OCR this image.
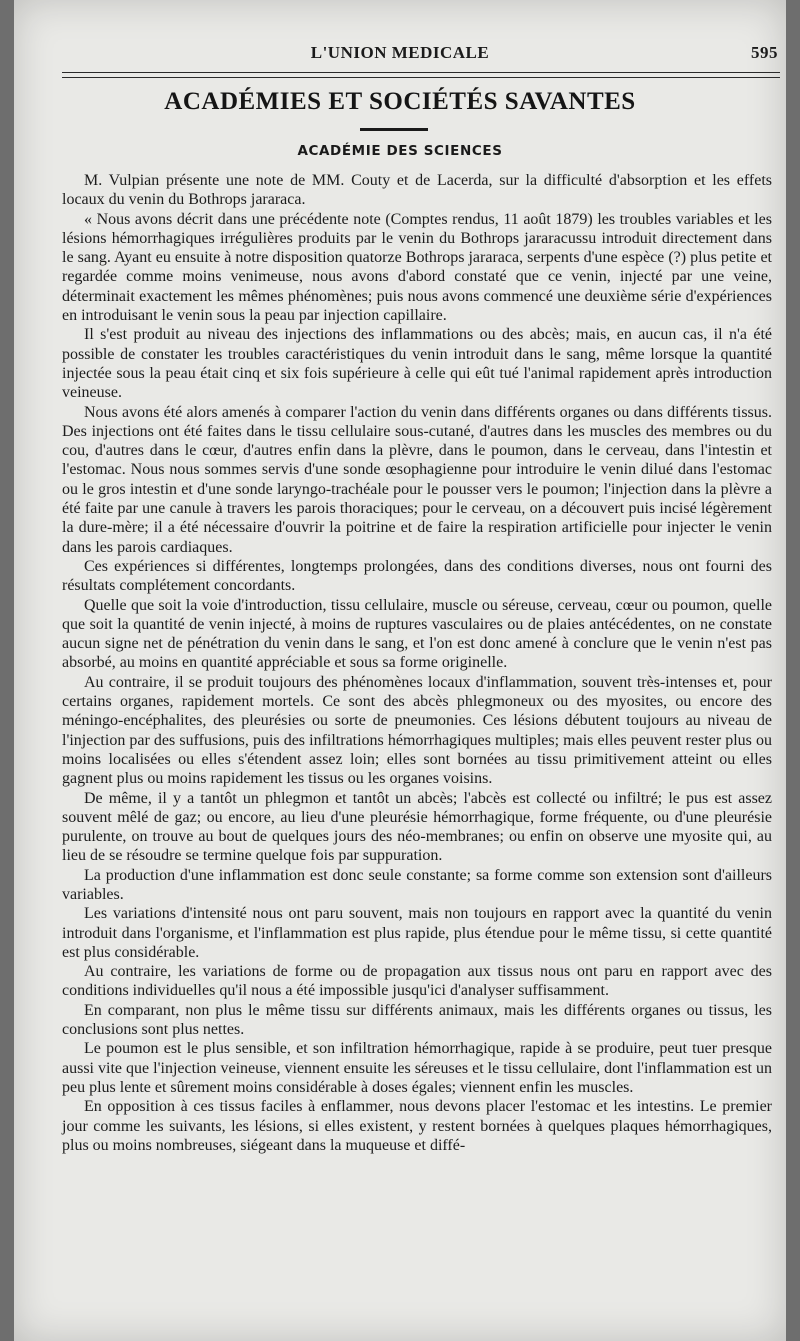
L'UNION MEDICALE	595
ACADÉMIES ET SOCIÉTÉS SAVANTES
ACADÉMIE DES SCIENCES

M. Vulpian présente une note de MM. Couty et de Lacerda, sur la difficulté d'absorption et les effets locaux du venin du Bothrops jararaca.

« Nous avons décrit dans une précédente note (Comptes rendus, 11 août 1879) les troubles variables et les lésions hémorrhagiques irrégulières produits par le venin du Bothrops jararacussu introduit directement dans le sang. Ayant eu ensuite à notre disposition quatorze Bothrops jararaca, serpents d'une espèce (?) plus petite et regardée comme moins venimeuse, nous avons d'abord constaté que ce venin, injecté par une veine, déterminait exactement les mêmes phénomènes; puis nous avons commencé une deuxième série d'expériences en introduisant le venin sous la peau par injection capillaire.

Il s'est produit au niveau des injections des inflammations ou des abcès; mais, en aucun cas, il n'a été possible de constater les troubles caractéristiques du venin introduit dans le sang, même lorsque la quantité injectée sous la peau était cinq et six fois supérieure à celle qui eût tué l'animal rapidement après introduction veineuse.

Nous avons été alors amenés à comparer l'action du venin dans différents organes ou dans différents tissus. Des injections ont été faites dans le tissu cellulaire sous-cutané, d'autres dans les muscles des membres ou du cou, d'autres dans le cœur, d'autres enfin dans la plèvre, dans le poumon, dans le cerveau, dans l'intestin et l'estomac. Nous nous sommes servis d'une sonde œsophagienne pour introduire le venin dilué dans l'estomac ou le gros intestin et d'une sonde laryngo-trachéale pour le pousser vers le poumon; l'injection dans la plèvre a été faite par une canule à travers les parois thoraciques; pour le cerveau, on a découvert puis incisé légèrement la dure-mère; il a été nécessaire d'ouvrir la poitrine et de faire la respiration artificielle pour injecter le venin dans les parois cardiaques.

Ces expériences si différentes, longtemps prolongées, dans des conditions diverses, nous ont fourni des résultats complétement concordants.

Quelle que soit la voie d'introduction, tissu cellulaire, muscle ou séreuse, cerveau, cœur ou poumon, quelle que soit la quantité de venin injecté, à moins de ruptures vasculaires ou de plaies antécédentes, on ne constate aucun signe net de pénétration du venin dans le sang, et l'on est donc amené à conclure que le venin n'est pas absorbé, au moins en quantité appréciable et sous sa forme originelle.

Au contraire, il se produit toujours des phénomènes locaux d'inflammation, souvent très-intenses et, pour certains organes, rapidement mortels. Ce sont des abcès phlegmoneux ou des myosites, ou encore des méningo-encéphalites, des pleurésies ou sorte de pneumonies. Ces lésions débutent toujours au niveau de l'injection par des suffusions, puis des infiltrations hémorrhagiques multiples; mais elles peuvent rester plus ou moins localisées ou elles s'étendent assez loin; elles sont bornées au tissu primitivement atteint ou elles gagnent plus ou moins rapidement les tissus ou les organes voisins.

De même, il y a tantôt un phlegmon et tantôt un abcès; l'abcès est collecté ou infiltré; le pus est assez souvent mêlé de gaz; ou encore, au lieu d'une pleurésie hémorrhagique, forme fréquente, ou d'une pleurésie purulente, on trouve au bout de quelques jours des néo-membranes; ou enfin on observe une myosite qui, au lieu de se résoudre se termine quelque fois par suppuration.

La production d'une inflammation est donc seule constante; sa forme comme son extension sont d'ailleurs variables.

Les variations d'intensité nous ont paru souvent, mais non toujours en rapport avec la quantité du venin introduit dans l'organisme, et l'inflammation est plus rapide, plus étendue pour le même tissu, si cette quantité est plus considérable.

Au contraire, les variations de forme ou de propagation aux tissus nous ont paru en rapport avec des conditions individuelles qu'il nous a été impossible jusqu'ici d'analyser suffisamment.

En comparant, non plus le même tissu sur différents animaux, mais les différents organes ou tissus, les conclusions sont plus nettes.

Le poumon est le plus sensible, et son infiltration hémorrhagique, rapide à se produire, peut tuer presque aussi vite que l'injection veineuse, viennent ensuite les séreuses et le tissu cellulaire, dont l'inflammation est un peu plus lente et sûrement moins considérable à doses égales; viennent enfin les muscles.

En opposition à ces tissus faciles à enflammer, nous devons placer l'estomac et les intestins. Le premier jour comme les suivants, les lésions, si elles existent, y restent bornées à quelques plaques hémorrhagiques, plus ou moins nombreuses, siégeant dans la muqueuse et diffé-
